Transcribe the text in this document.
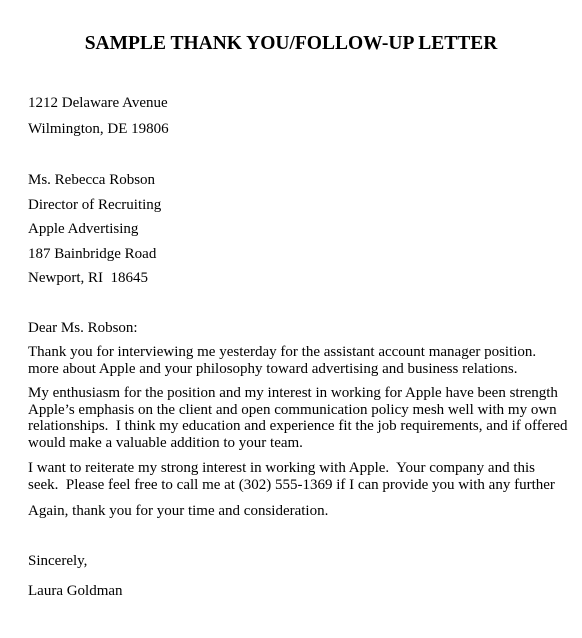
SAMPLE THANK YOU/FOLLOW-UP LETTER
1212 Delaware Avenue
Wilmington, DE 19806
Ms. Rebecca Robson
Director of Recruiting
Apple Advertising
187 Bainbridge Road
Newport, RI  18645
Dear Ms. Robson:
Thank you for interviewing me yesterday for the assistant account manager position.
more about Apple and your philosophy toward advertising and business relations.
My enthusiasm for the position and my interest in working for Apple have been strength
Apple’s emphasis on the client and open communication policy mesh well with my own
relationships.  I think my education and experience fit the job requirements, and if offered
would make a valuable addition to your team.
I want to reiterate my strong interest in working with Apple.  Your company and this
seek.  Please feel free to call me at (302) 555-1369 if I can provide you with any further
Again, thank you for your time and consideration.
Sincerely,
Laura Goldman
